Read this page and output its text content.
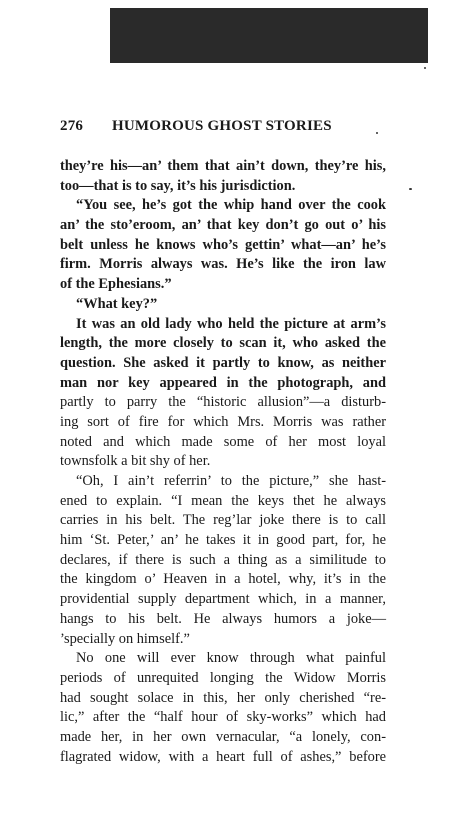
276 HUMOROUS GHOST STORIES
they’re his—an’ them that ain’t down, they’re his,
too—that is to say, it’s his jurisdiction.
“You see, he’s got the whip hand over the cook
an’ the sto’eroom, an’ that key don’t go out o’ his
belt unless he knows who’s gettin’ what—an’ he’s
firm. Morris always was. He’s like the iron law
of the Ephesians.”
“What key?”
It was an old lady who held the picture at arm’s
length, the more closely to scan it, who asked the
question. She asked it partly to know, as neither
man nor key appeared in the photograph, and
partly to parry the “historic allusion”—a disturb-
ing sort of fire for which Mrs. Morris was rather
noted and which made some of her most loyal
townsfolk a bit shy of her.
“Oh, I ain’t referrin’ to the picture,” she hast-
ened to explain. “I mean the keys thet he always
carries in his belt. The reg’lar joke there is to call
him ‘St. Peter,’ an’ he takes it in good part, for, he
declares, if there is such a thing as a similitude to
the kingdom o’ Heaven in a hotel, why, it’s in the
providential supply department which, in a manner,
hangs to his belt. He always humors a joke—
’specially on himself.”
No one will ever know through what painful
periods of unrequited longing the Widow Morris
had sought solace in this, her only cherished “re-
lic,” after the “half hour of sky-works” which had
made her, in her own vernacular, “a lonely, con-
flagrated widow, with a heart full of ashes,” before
